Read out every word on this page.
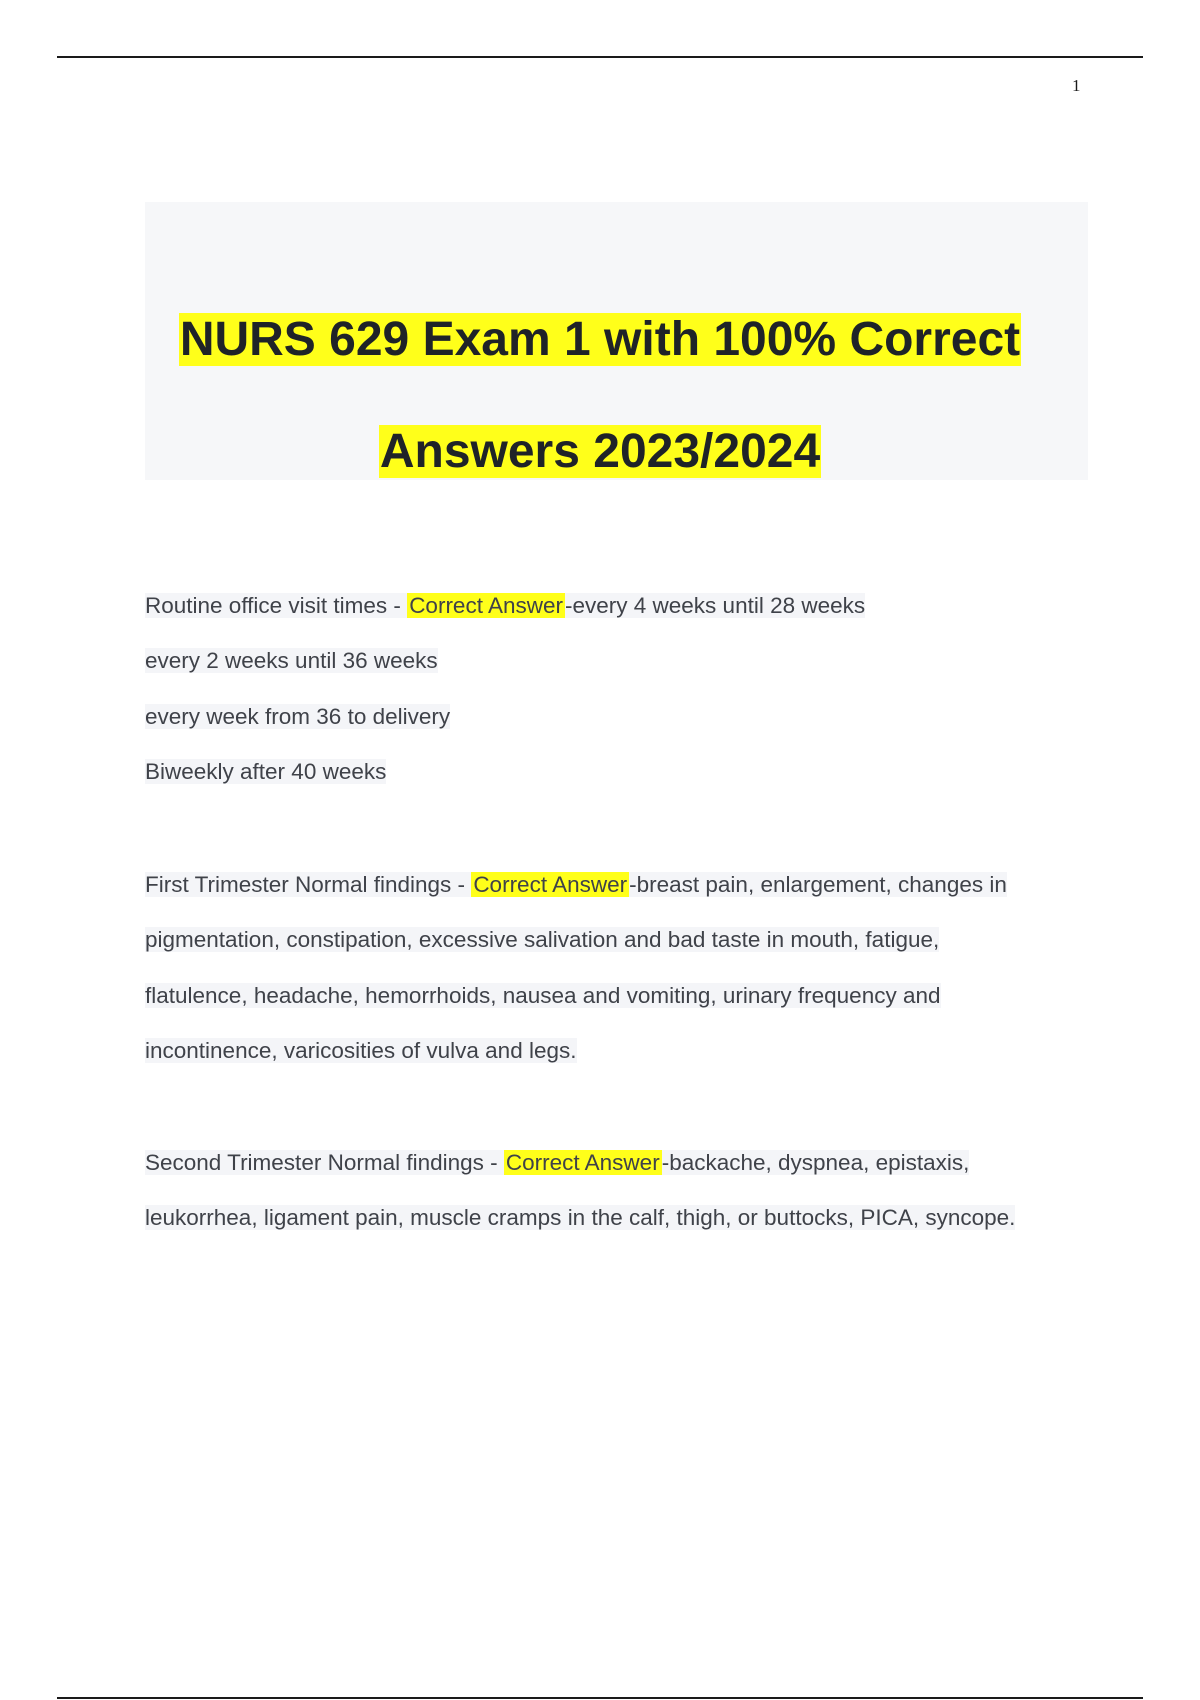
1
NURS 629 Exam 1 with 100% Correct
Answers 2023/2024
Routine office visit times - Correct Answer-every 4 weeks until 28 weeks
every 2 weeks until 36 weeks
every week from 36 to delivery
Biweekly after 40 weeks
First Trimester Normal findings - Correct Answer-breast pain, enlargement, changes in
pigmentation, constipation, excessive salivation and bad taste in mouth, fatigue,
flatulence, headache, hemorrhoids, nausea and vomiting, urinary frequency and
incontinence, varicosities of vulva and legs.
Second Trimester Normal findings - Correct Answer-backache, dyspnea, epistaxis,
leukorrhea, ligament pain, muscle cramps in the calf, thigh, or buttocks, PICA, syncope.
